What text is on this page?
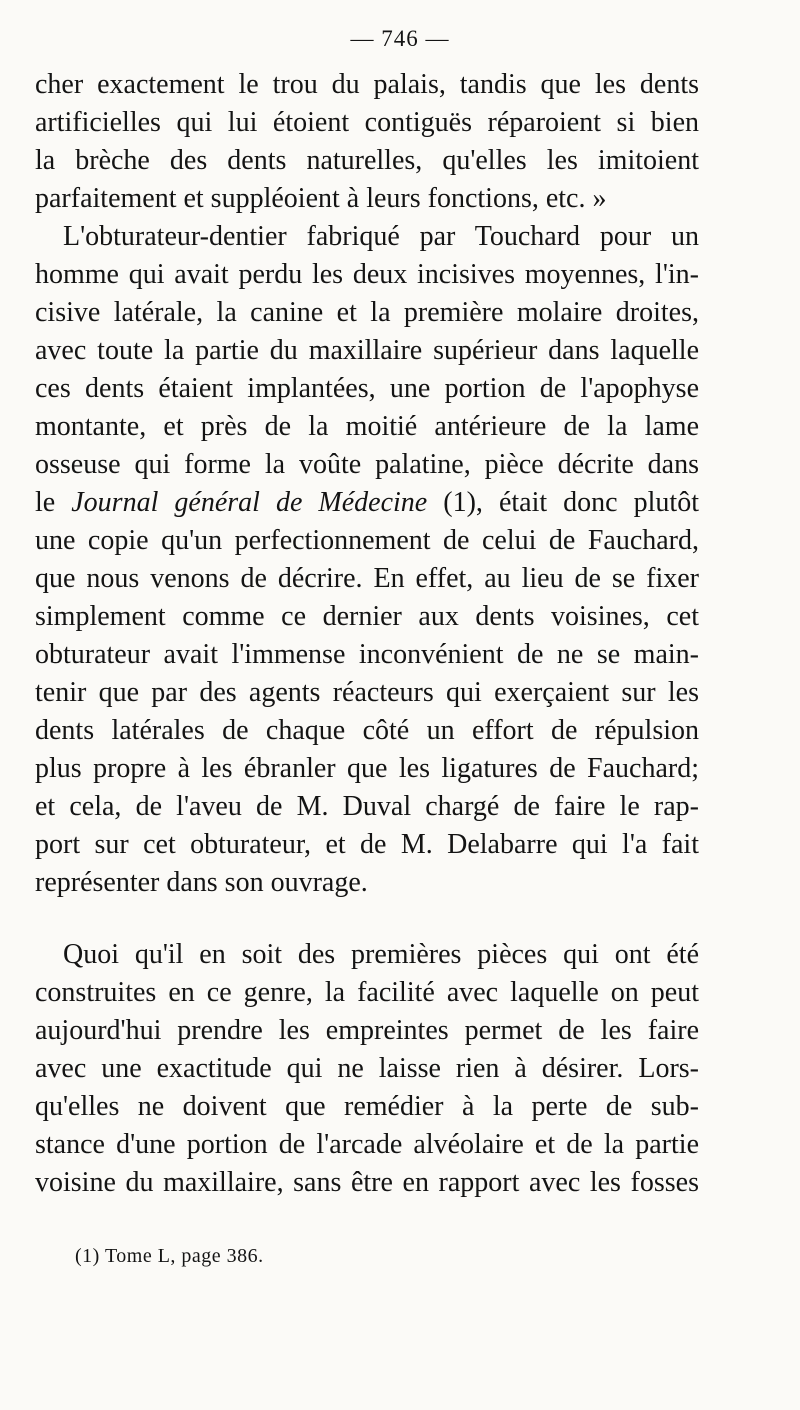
— 746 —
cher exactement le trou du palais, tandis que les dents
artificielles qui lui étoient contiguës réparoient si bien
la brèche des dents naturelles, qu'elles les imitoient
parfaitement et suppléoient à leurs fonctions, etc. »
L'obturateur-dentier fabriqué par Touchard pour un
homme qui avait perdu les deux incisives moyennes, l'in-
cisive latérale, la canine et la première molaire droites,
avec toute la partie du maxillaire supérieur dans laquelle
ces dents étaient implantées, une portion de l'apophyse
montante, et près de la moitié antérieure de la lame
osseuse qui forme la voûte palatine, pièce décrite dans
le Journal général de Médecine (1), était donc plutôt
une copie qu'un perfectionnement de celui de Fauchard,
que nous venons de décrire. En effet, au lieu de se fixer
simplement comme ce dernier aux dents voisines, cet
obturateur avait l'immense inconvénient de ne se main-
tenir que par des agents réacteurs qui exerçaient sur les
dents latérales de chaque côté un effort de répulsion
plus propre à les ébranler que les ligatures de Fauchard;
et cela, de l'aveu de M. Duval chargé de faire le rap-
port sur cet obturateur, et de M. Delabarre qui l'a fait
représenter dans son ouvrage.
Quoi qu'il en soit des premières pièces qui ont été
construites en ce genre, la facilité avec laquelle on peut
aujourd'hui prendre les empreintes permet de les faire
avec une exactitude qui ne laisse rien à désirer. Lors-
qu'elles ne doivent que remédier à la perte de sub-
stance d'une portion de l'arcade alvéolaire et de la partie
voisine du maxillaire, sans être en rapport avec les fosses
(1) Tome L, page 386.
